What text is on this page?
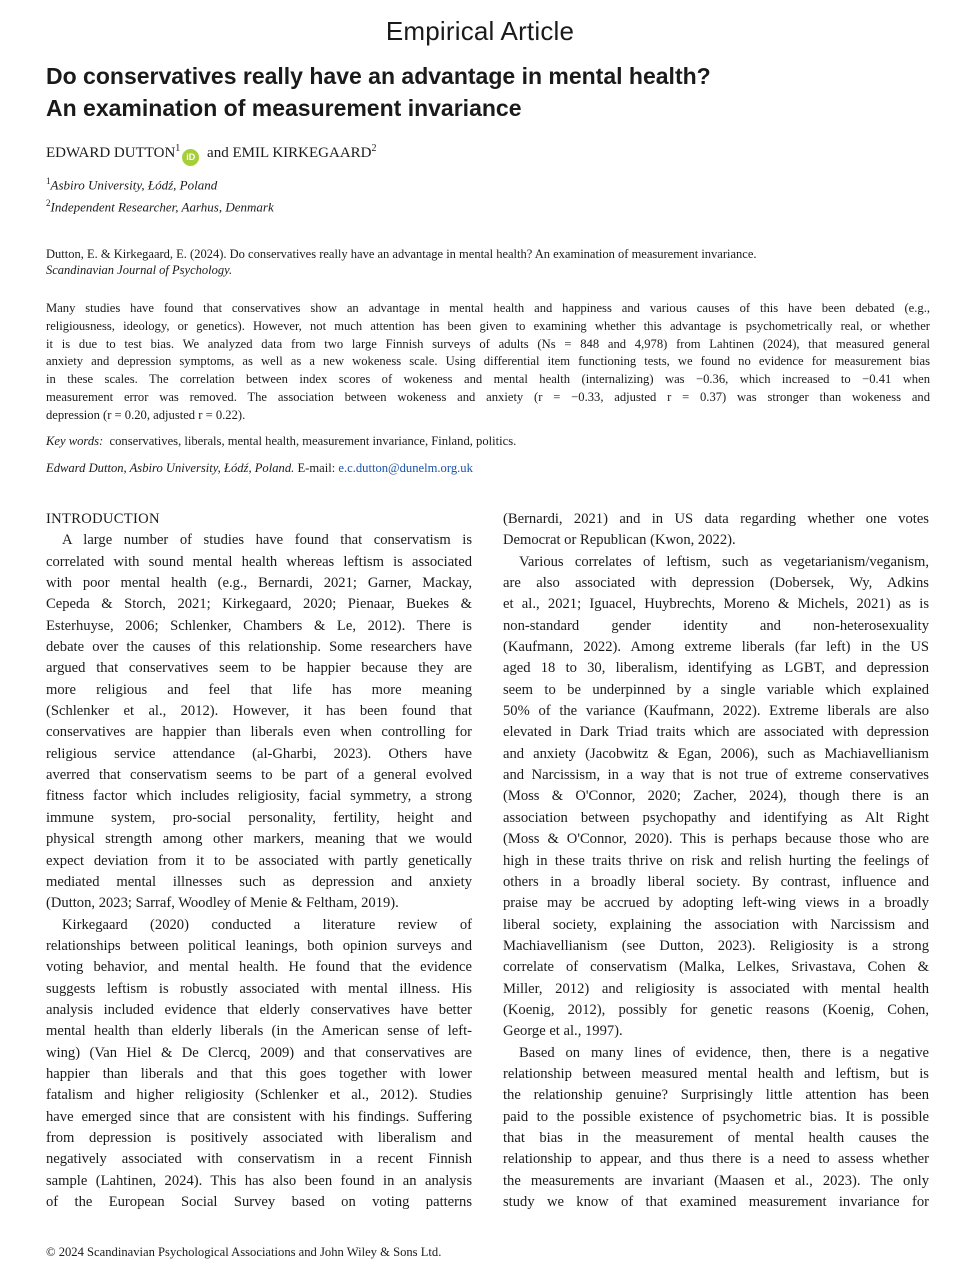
Empirical Article
Do conservatives really have an advantage in mental health?
An examination of measurement invariance
EDWARD DUTTON$^1$iD and EMIL KIRKEGAARD$^2$
$^1$Asbiro University, Łódź, Poland
$^2$Independent Researcher, Aarhus, Denmark
Dutton, E. & Kirkegaard, E. (2024). Do conservatives really have an advantage in mental health? An examination of measurement invariance.
Scandinavian Journal of Psychology.
Many studies have found that conservatives show an advantage in mental health and happiness and various causes of this have been debated (e.g.,
religiousness, ideology, or genetics). However, not much attention has been given to examining whether this advantage is psychometrically real, or whether
it is due to test bias. We analyzed data from two large Finnish surveys of adults (Ns = 848 and 4,978) from Lahtinen (2024), that measured general
anxiety and depression symptoms, as well as a new wokeness scale. Using differential item functioning tests, we found no evidence for measurement bias
in these scales. The correlation between index scores of wokeness and mental health (internalizing) was −0.36, which increased to −0.41 when
measurement error was removed. The association between wokeness and anxiety (r = −0.33, adjusted r = 0.37) was stronger than wokeness and
depression (r = 0.20, adjusted r = 0.22).
Key words: conservatives, liberals, mental health, measurement invariance, Finland, politics.
Edward Dutton, Asbiro University, Łódź, Poland. E-mail: e.c.dutton@dunelm.org.uk
INTRODUCTION
A large number of studies have found that conservatism is
correlated with sound mental health whereas leftism is associated
with poor mental health (e.g., Bernardi, 2021; Garner, Mackay,
Cepeda & Storch, 2021; Kirkegaard, 2020; Pienaar, Buekes &
Esterhuyse, 2006; Schlenker, Chambers & Le, 2012). There is
debate over the causes of this relationship. Some researchers have
argued that conservatives seem to be happier because they are
more religious and feel that life has more meaning
(Schlenker et al., 2012). However, it has been found that
conservatives are happier than liberals even when controlling for
religious service attendance (al-Gharbi, 2023). Others have
averred that conservatism seems to be part of a general evolved
fitness factor which includes religiosity, facial symmetry, a strong
immune system, pro-social personality, fertility, height and
physical strength among other markers, meaning that we would
expect deviation from it to be associated with partly genetically
mediated mental illnesses such as depression and anxiety
(Dutton, 2023; Sarraf, Woodley of Menie & Feltham, 2019).
Kirkegaard (2020) conducted a literature review of
relationships between political leanings, both opinion surveys and
voting behavior, and mental health. He found that the evidence
suggests leftism is robustly associated with mental illness. His
analysis included evidence that elderly conservatives have better
mental health than elderly liberals (in the American sense of left-
wing) (Van Hiel & De Clercq, 2009) and that conservatives are
happier than liberals and that this goes together with lower
fatalism and higher religiosity (Schlenker et al., 2012). Studies
have emerged since that are consistent with his findings. Suffering
from depression is positively associated with liberalism and
negatively associated with conservatism in a recent Finnish
sample (Lahtinen, 2024). This has also been found in an analysis
of the European Social Survey based on voting patterns
(Bernardi, 2021) and in US data regarding whether one votes
Democrat or Republican (Kwon, 2022).
Various correlates of leftism, such as vegetarianism/veganism,
are also associated with depression (Dobersek, Wy, Adkins
et al., 2021; Iguacel, Huybrechts, Moreno & Michels, 2021) as is
non-standard gender identity and non-heterosexuality
(Kaufmann, 2022). Among extreme liberals (far left) in the US
aged 18 to 30, liberalism, identifying as LGBT, and depression
seem to be underpinned by a single variable which explained
50% of the variance (Kaufmann, 2022). Extreme liberals are also
elevated in Dark Triad traits which are associated with depression
and anxiety (Jacobwitz & Egan, 2006), such as Machiavellianism
and Narcissism, in a way that is not true of extreme conservatives
(Moss & O'Connor, 2020; Zacher, 2024), though there is an
association between psychopathy and identifying as Alt Right
(Moss & O'Connor, 2020). This is perhaps because those who are
high in these traits thrive on risk and relish hurting the feelings of
others in a broadly liberal society. By contrast, influence and
praise may be accrued by adopting left-wing views in a broadly
liberal society, explaining the association with Narcissism and
Machiavellianism (see Dutton, 2023). Religiosity is a strong
correlate of conservatism (Malka, Lelkes, Srivastava, Cohen &
Miller, 2012) and religiosity is associated with mental health
(Koenig, 2012), possibly for genetic reasons (Koenig, Cohen,
George et al., 1997).
Based on many lines of evidence, then, there is a negative
relationship between measured mental health and leftism, but is
the relationship genuine? Surprisingly little attention has been
paid to the possible existence of psychometric bias. It is possible
that bias in the measurement of mental health causes the
relationship to appear, and thus there is a need to assess whether
the measurements are invariant (Maasen et al., 2023). The only
study we know of that examined measurement invariance for
© 2024 Scandinavian Psychological Associations and John Wiley & Sons Ltd.
